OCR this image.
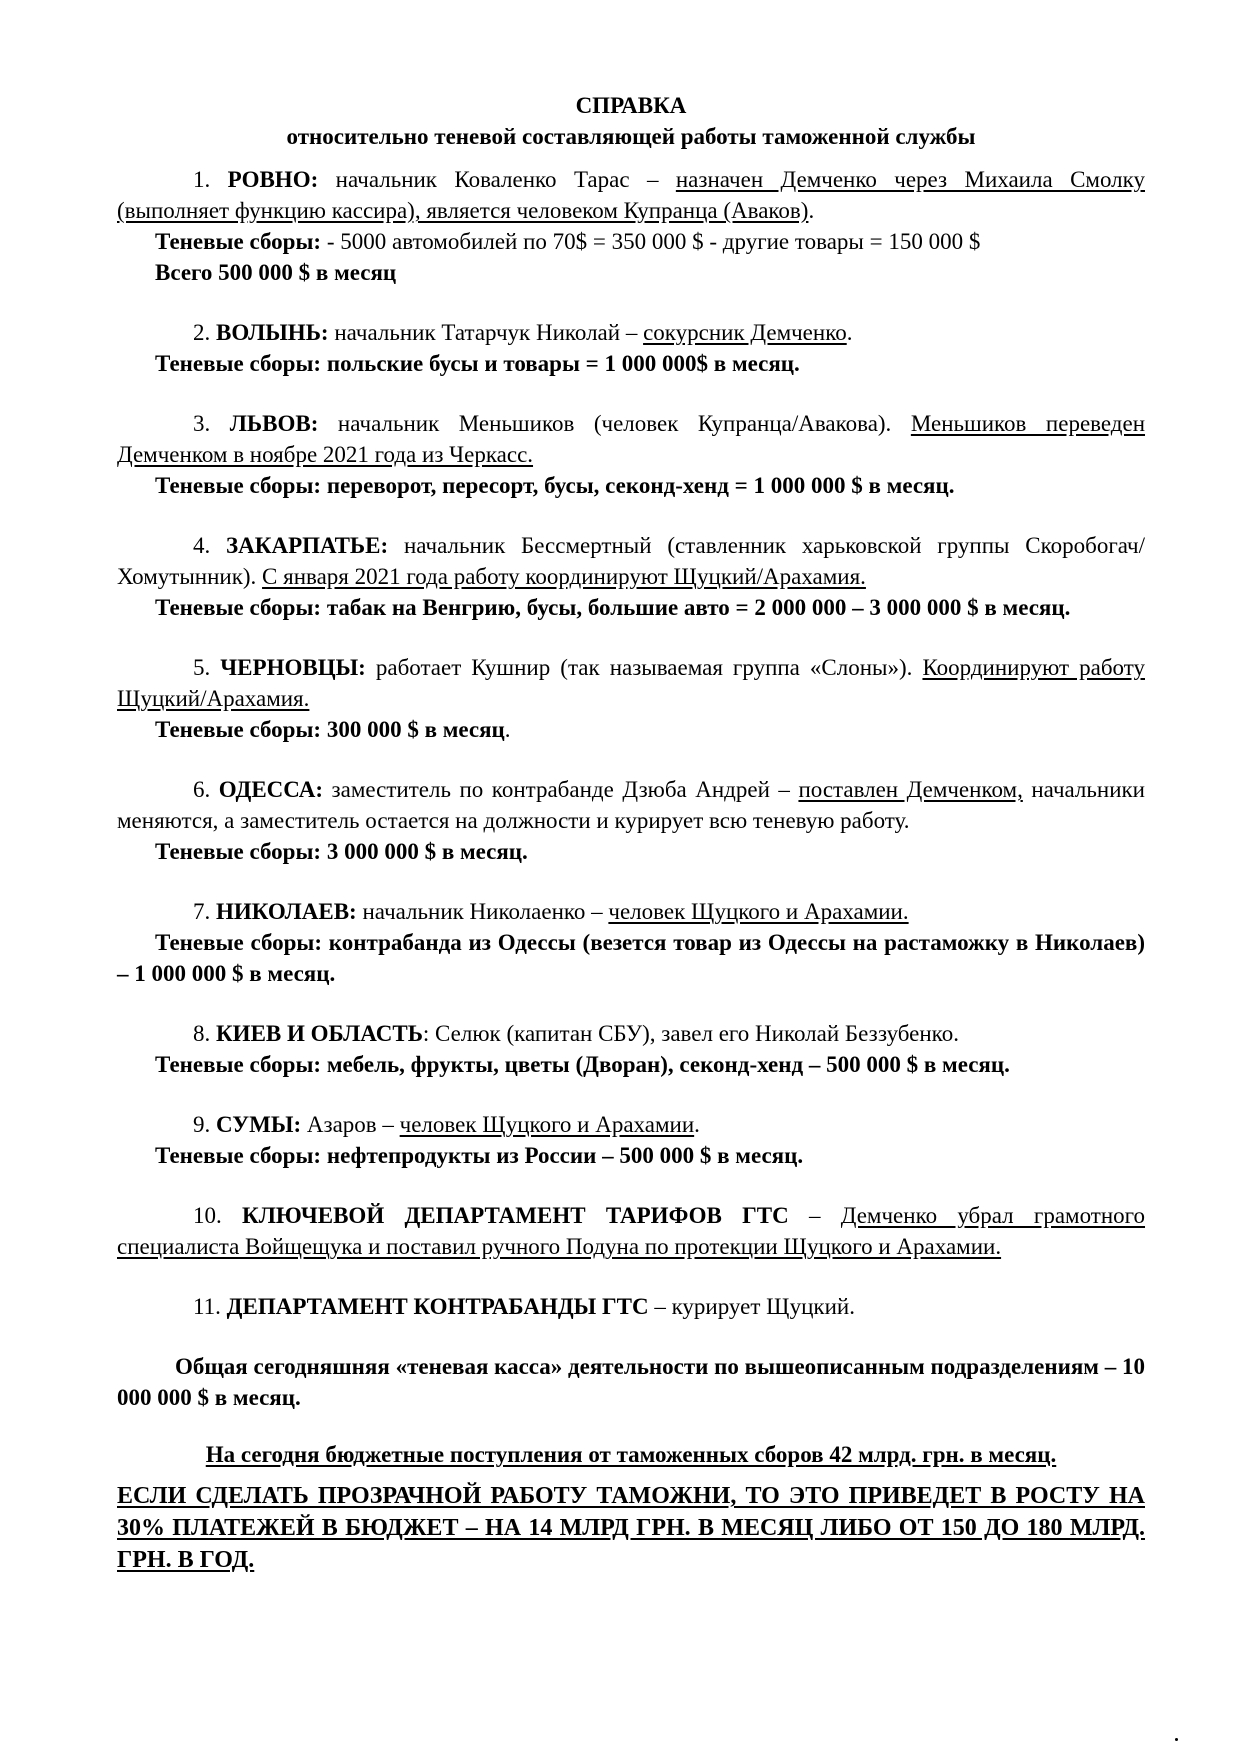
СПРАВКА
относительно теневой составляющей работы таможенной службы

1. РОВНО: начальник Коваленко Тарас – назначен Демченко через Михаила Смолку (выполняет функцию кассира), является человеком Купранца (Аваков).

Теневые сборы: - 5000 автомобилей по 70$ = 350 000 $ - другие товары = 150 000 $

Всего 500 000 $ в месяц

2. ВОЛЫНЬ: начальник Татарчук Николай – сокурсник Демченко.

Теневые сборы: польские бусы и товары = 1 000 000$ в месяц.

3. ЛЬВОВ: начальник Меньшиков (человек Купранца/Авакова). Меньшиков переведен Демченком в ноябре 2021 года из Черкасс.

Теневые сборы: переворот, пересорт, бусы, секонд-хенд = 1 000 000 $ в месяц.

4. ЗАКАРПАТЬЕ: начальник Бессмертный (ставленник харьковской группы Скоробогач/Хомутынник). С января 2021 года работу координируют Щуцкий/Арахамия.

Теневые сборы: табак на Венгрию, бусы, большие авто = 2 000 000 – 3 000 000 $ в месяц.

5. ЧЕРНОВЦЫ: работает Кушнир (так называемая группа «Слоны»). Координируют работу Щуцкий/Арахамия.

Теневые сборы: 300 000 $ в месяц.

6. ОДЕССА: заместитель по контрабанде Дзюба Андрей – поставлен Демченком, начальники меняются, а заместитель остается на должности и курирует всю теневую работу.

Теневые сборы: 3 000 000 $ в месяц.

7. НИКОЛАЕВ: начальник Николаенко – человек Щуцкого и Арахамии.

Теневые сборы: контрабанда из Одессы (везется товар из Одессы на растаможку в Николаев) – 1 000 000 $ в месяц.

8. КИЕВ И ОБЛАСТЬ: Селюк (капитан СБУ), завел его Николай Беззубенко.

Теневые сборы: мебель, фрукты, цветы (Дворан), секонд-хенд – 500 000 $ в месяц.

9. СУМЫ: Азаров – человек Щуцкого и Арахамии.

Теневые сборы: нефтепродукты из России – 500 000 $ в месяц.

10. КЛЮЧЕВОЙ ДЕПАРТАМЕНТ ТАРИФОВ ГТС – Демченко убрал грамотного специалиста Войщещука и поставил ручного Подуна по протекции Щуцкого и Арахамии.

11. ДЕПАРТАМЕНТ КОНТРАБАНДЫ ГТС – курирует Щуцкий.

Общая сегодняшняя «теневая касса» деятельности по вышеописанным подразделениям – 10 000 000 $ в месяц.

На сегодня бюджетные поступления от таможенных сборов 42 млрд. грн. в месяц.

ЕСЛИ СДЕЛАТЬ ПРОЗРАЧНОЙ РАБОТУ ТАМОЖНИ, ТО ЭТО ПРИВЕДЕТ В РОСТУ НА 30% ПЛАТЕЖЕЙ В БЮДЖЕТ – НА 14 МЛРД ГРН. В МЕСЯЦ ЛИБО ОТ 150 ДО 180 МЛРД. ГРН. В ГОД.
